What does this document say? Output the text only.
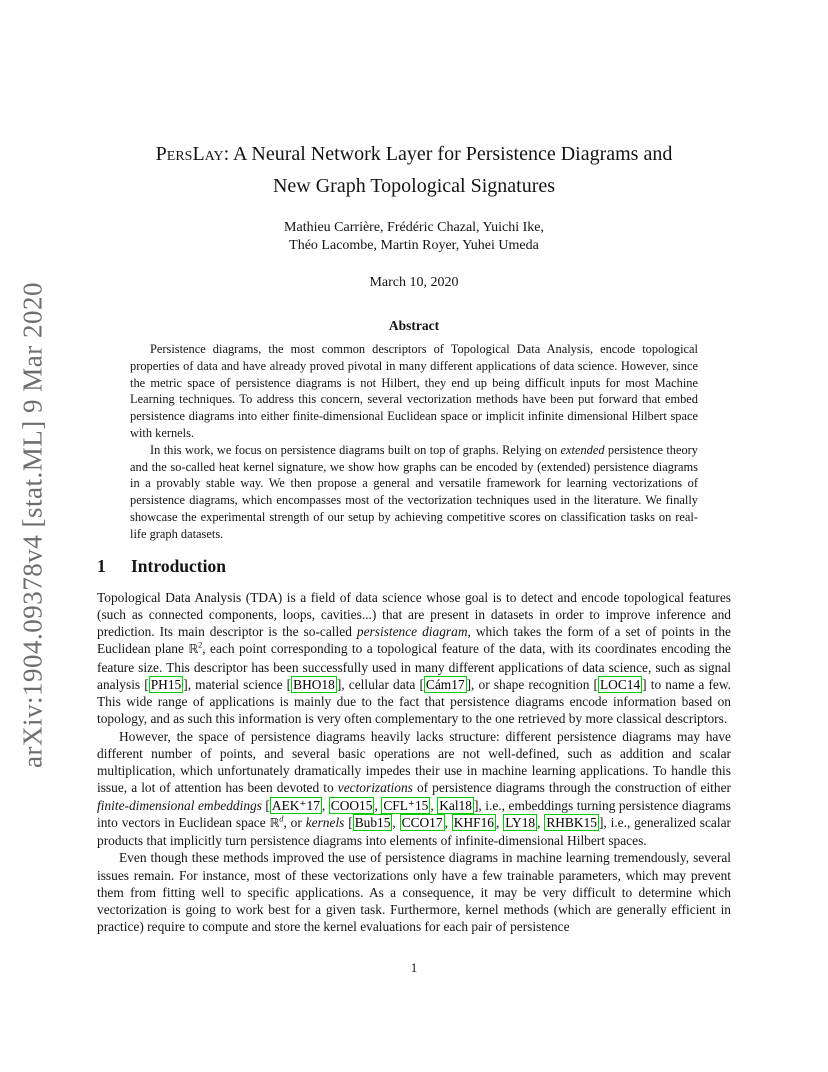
arXiv:1904.09378v4 [stat.ML] 9 Mar 2020
PersLay: A Neural Network Layer for Persistence Diagrams and
New Graph Topological Signatures
Mathieu Carrière, Frédéric Chazal, Yuichi Ike,
Théo Lacombe, Martin Royer, Yuhei Umeda
March 10, 2020
Abstract

Persistence diagrams, the most common descriptors of Topological Data Analysis, encode topological properties of data and have already proved pivotal in many different applications of data science. However, since the metric space of persistence diagrams is not Hilbert, they end up being difficult inputs for most Machine Learning techniques. To address this concern, several vectorization methods have been put forward that embed persistence diagrams into either finite-dimensional Euclidean space or implicit infinite dimensional Hilbert space with kernels.

In this work, we focus on persistence diagrams built on top of graphs. Relying on extended persistence theory and the so-called heat kernel signature, we show how graphs can be encoded by (extended) persistence diagrams in a provably stable way. We then propose a general and versatile framework for learning vectorizations of persistence diagrams, which encompasses most of the vectorization techniques used in the literature. We finally showcase the experimental strength of our setup by achieving competitive scores on classification tasks on real-life graph datasets.

1 Introduction

Topological Data Analysis (TDA) is a field of data science whose goal is to detect and encode topological features (such as connected components, loops, cavities...) that are present in datasets in order to improve inference and prediction. Its main descriptor is the so-called persistence diagram, which takes the form of a set of points in the Euclidean plane ℝ$^2$, each point corresponding to a topological feature of the data, with its coordinates encoding the feature size. This descriptor has been successfully used in many different applications of data science, such as signal analysis [ PH15 ], material science [ BHO18 ], cellular data [ Cám17 ], or shape recognition [ LOC14 ] to name a few. This wide range of applications is mainly due to the fact that persistence diagrams encode information based on topology, and as such this information is very often complementary to the one retrieved by more classical descriptors.

However, the space of persistence diagrams heavily lacks structure: different persistence diagrams may have different number of points, and several basic operations are not well-defined, such as addition and scalar multiplication, which unfortunately dramatically impedes their use in machine learning applications. To handle this issue, a lot of attention has been devoted to vectorizations of persistence diagrams through the construction of either finite-dimensional embeddings [ AEK⁺17 , COO15 , CFL⁺15 , Kal18 ], i.e., embeddings turning persistence diagrams into vectors in Euclidean space ℝ$^d$, or kernels [ Bub15 , CCO17 , KHF16 , LY18 , RHBK15 ], i.e., generalized scalar products that implicitly turn persistence diagrams into elements of infinite-dimensional Hilbert spaces.

Even though these methods improved the use of persistence diagrams in machine learning tremendously, several issues remain. For instance, most of these vectorizations only have a few trainable parameters, which may prevent them from fitting well to specific applications. As a consequence, it may be very difficult to determine which vectorization is going to work best for a given task. Furthermore, kernel methods (which are generally efficient in practice) require to compute and store the kernel evaluations for each pair of persistence

1
